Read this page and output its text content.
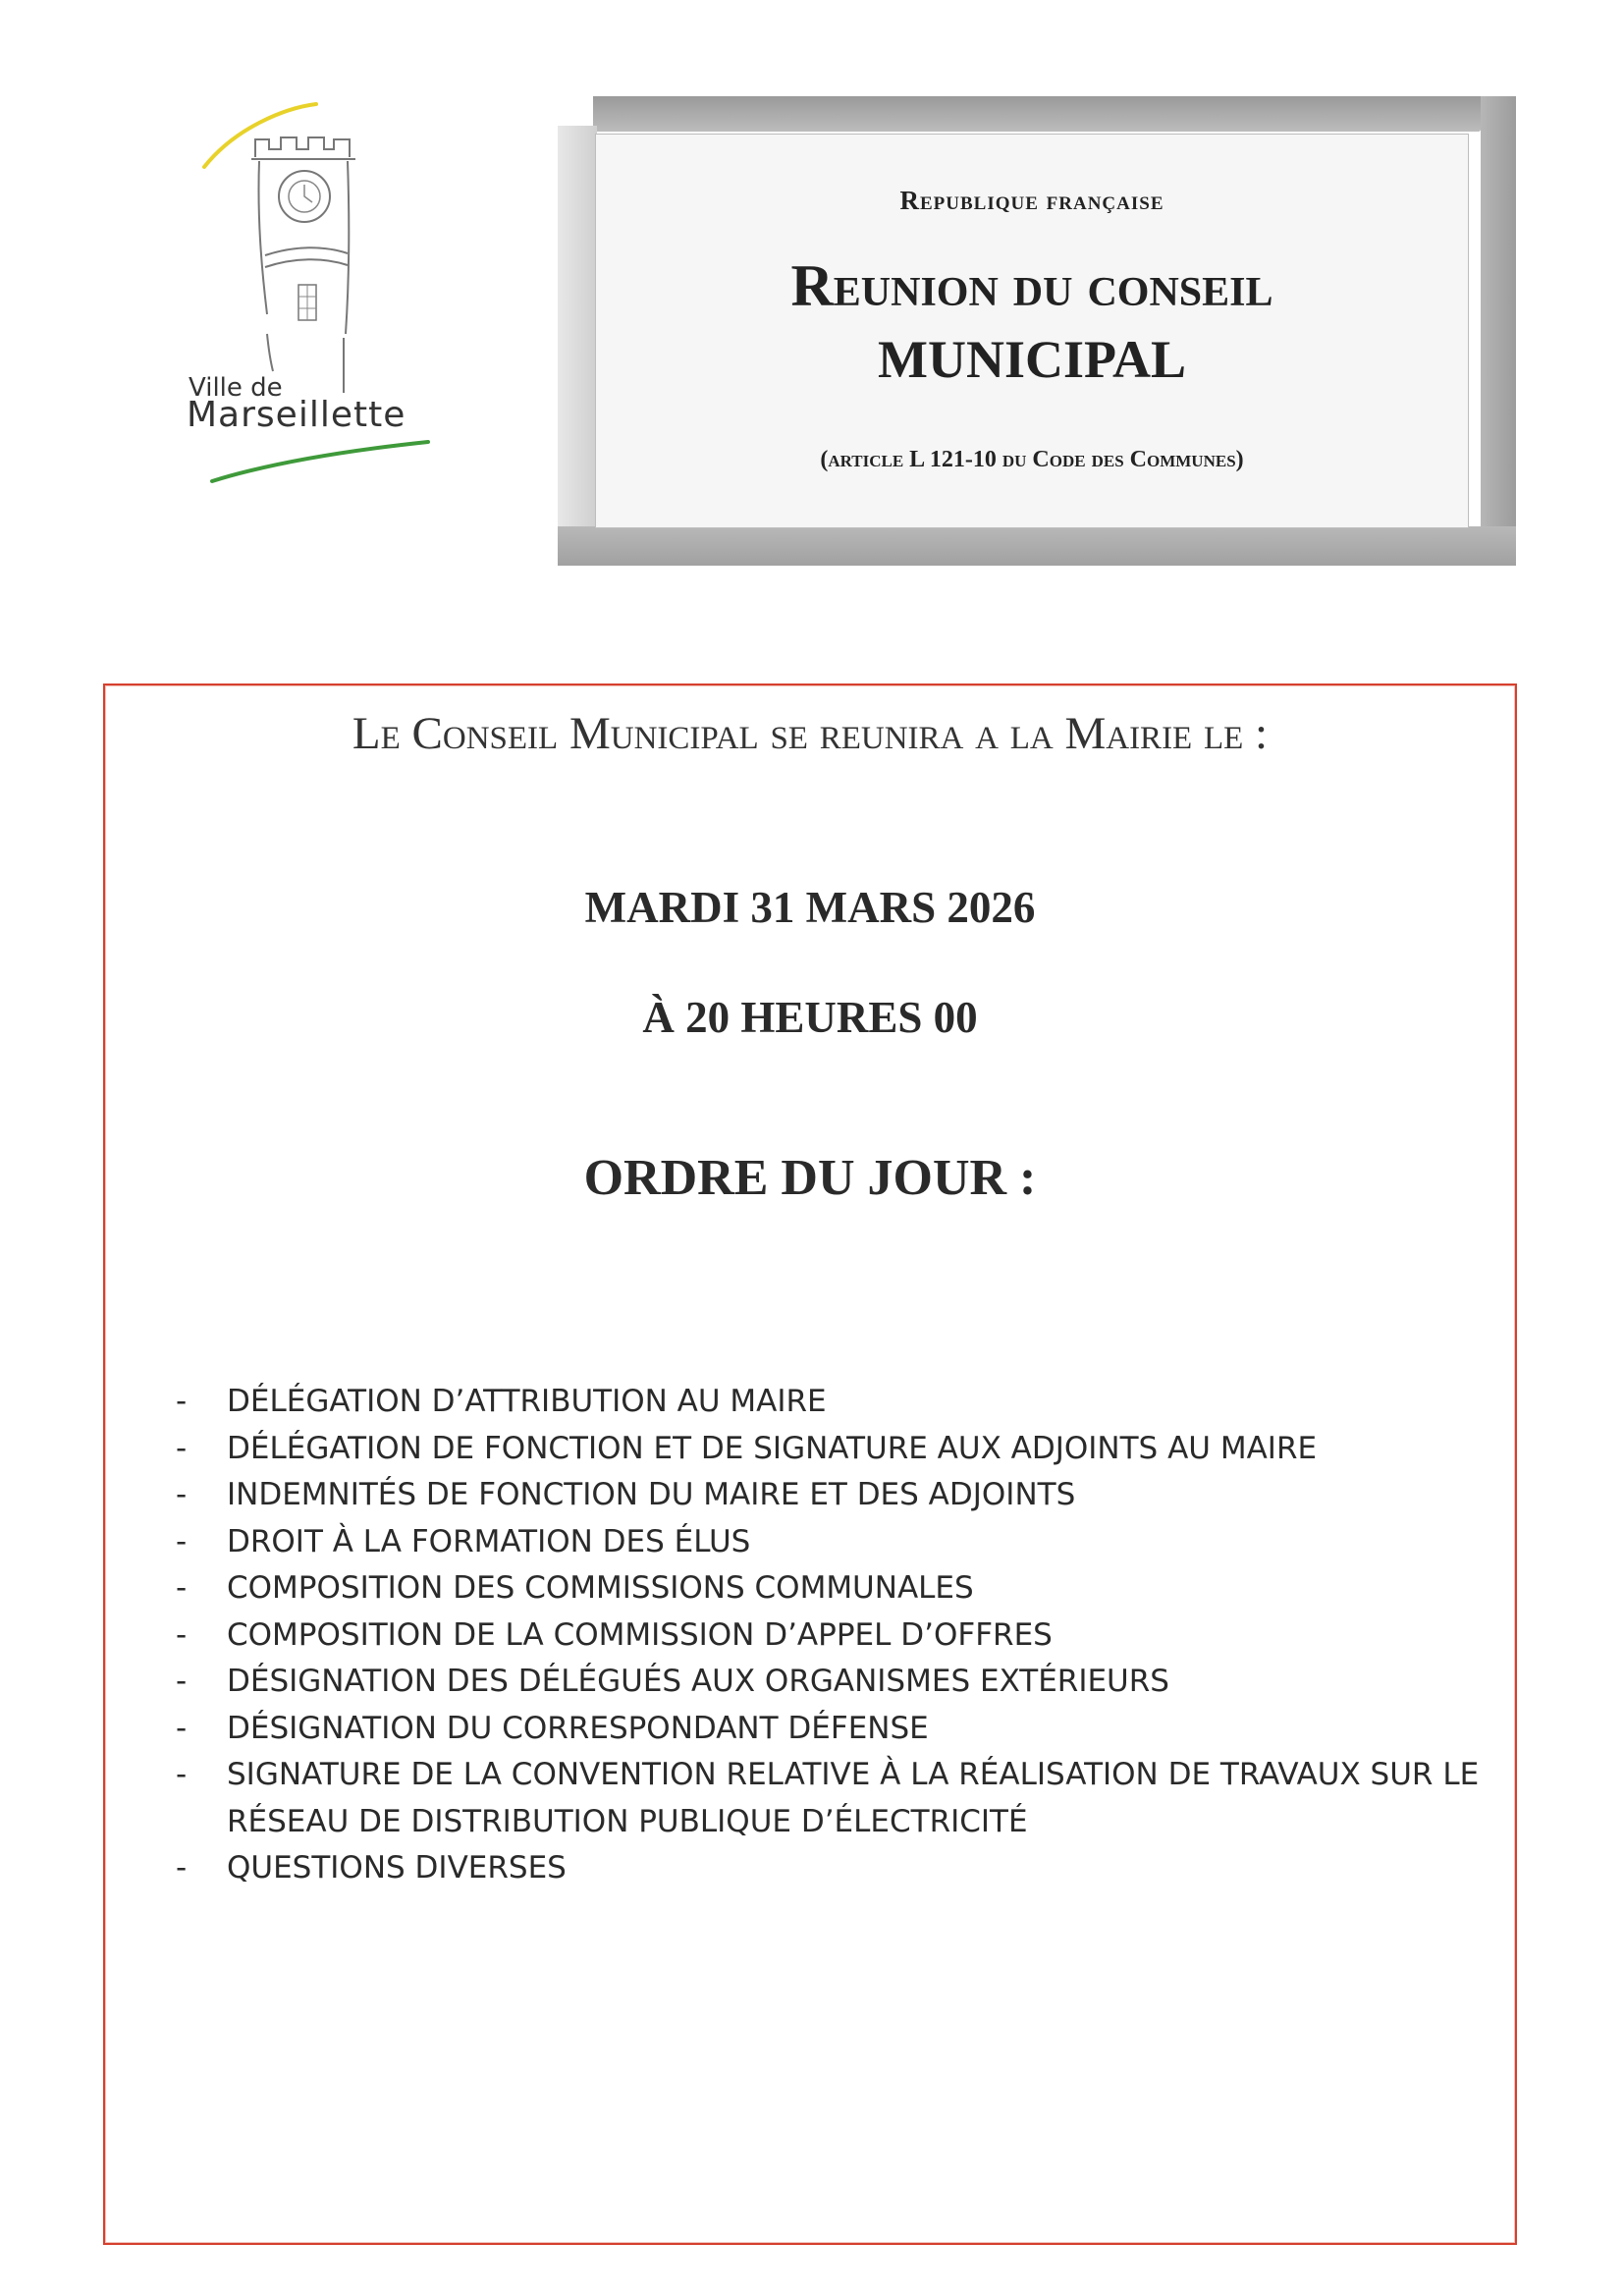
Ville de
Marseillette
Republique française
Reunion du conseil
MUNICIPAL
(article L 121-10 du Code des Communes)
Le Conseil Municipal se reunira a la Mairie le :
MARDI 31 MARS 2026
À 20 HEURES 00
ORDRE DU JOUR :
- DÉLÉGATION D’ATTRIBUTION AU MAIRE
- DÉLÉGATION DE FONCTION ET DE SIGNATURE AUX ADJOINTS AU MAIRE
- INDEMNITÉS DE FONCTION DU MAIRE ET DES ADJOINTS
- DROIT À LA FORMATION DES ÉLUS
- COMPOSITION DES COMMISSIONS COMMUNALES
- COMPOSITION DE LA COMMISSION D’APPEL D’OFFRES
- DÉSIGNATION DES DÉLÉGUÉS AUX ORGANISMES EXTÉRIEURS
- DÉSIGNATION DU CORRESPONDANT DÉFENSE
- SIGNATURE DE LA CONVENTION RELATIVE À LA RÉALISATION DE TRAVAUX SUR LE RÉSEAU DE DISTRIBUTION PUBLIQUE D’ÉLECTRICITÉ
- QUESTIONS DIVERSES
